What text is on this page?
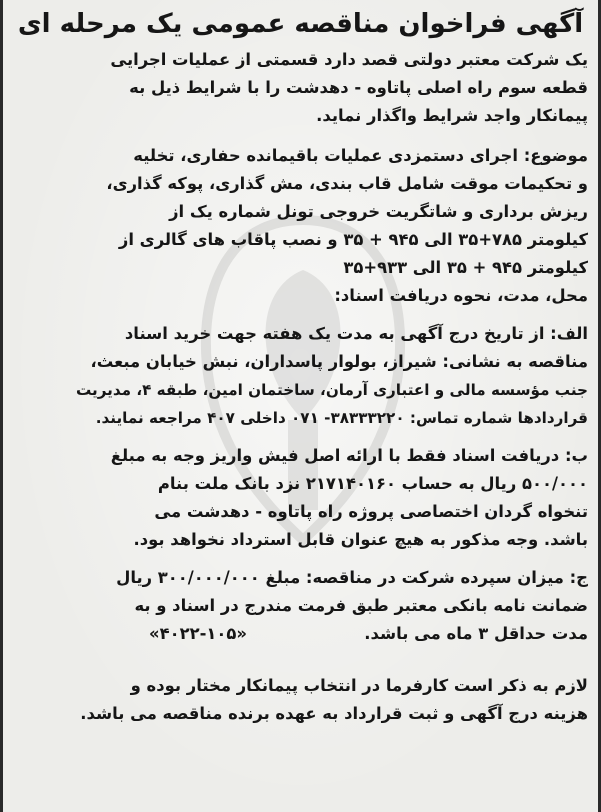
آگهی فراخوان مناقصه عمومی یک مرحله ای
یک شرکت معتبر دولتی قصد دارد قسمتی از عملیات اجرایی
قطعه سوم راه اصلی پاتاوه - دهدشت را با شرایط ذیل به
پیمانکار واجد شرایط واگذار نماید.
موضوع: اجرای دستمزدی عملیات باقیمانده حفاری، تخلیه
و تحکیمات موقت شامل قاب بندی، مش گذاری، پوکه گذاری،
ریزش برداری و شاتگریت خروجی تونل شماره یک از
کیلومتر ۷۸۵+۳۵ الی ۹۴۵ + ۳۵ و نصب پاقاب های گالری از
کیلومتر ۹۴۵ + ۳۵ الی ۹۳۳+۳۵
محل، مدت، نحوه دریافت اسناد:
الف: از تاریخ درج آگهی به مدت یک هفته جهت خرید اسناد
مناقصه به نشانی: شیراز، بولوار پاسداران، نبش خیابان مبعث،
جنب مؤسسه مالی و اعتباری آرمان، ساختمان امین، طبقه ۴، مدیریت
قراردادها شماره تماس: ۳۸۳۳۳۲۲۰- ۰۷۱ داخلی ۴۰۷ مراجعه نمایند.
ب: دریافت اسناد فقط با ارائه اصل فیش واریز وجه به مبلغ
۵۰۰/۰۰۰ ریال به حساب ۲۱۷۱۴۰۱۶۰ نزد بانک ملت بنام
تنخواه گردان اختصاصی پروژه راه پاتاوه - دهدشت می
باشد. وجه مذکور به هیچ عنوان قابل استرداد نخواهد بود.
ج: میزان سپرده شرکت در مناقصه: مبلغ ۳۰۰/۰۰۰/۰۰۰ ریال
ضمانت نامه بانکی معتبر طبق فرمت مندرج در اسناد و به
مدت حداقل ۳ ماه می باشد.
«۴۰۲۲-۱۰۵»
لازم به ذکر است کارفرما در انتخاب پیمانکار مختار بوده و
هزینه درج آگهی و ثبت قرارداد به عهده برنده مناقصه می باشد.
